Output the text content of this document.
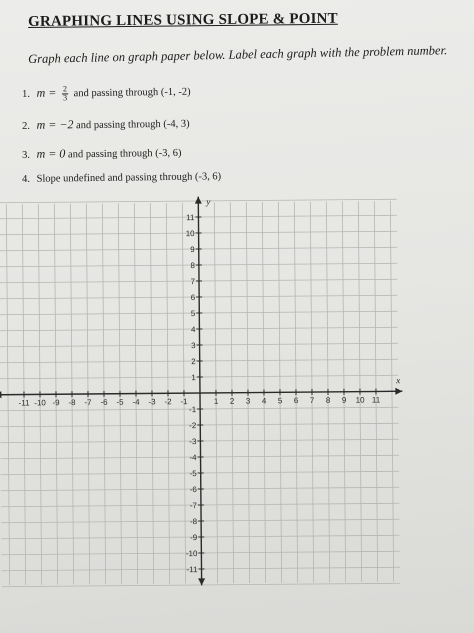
GRAPHING LINES USING SLOPE & POINT

Graph each line on graph paper below. Label each graph with the problem number.

1. $m = \frac{2}{3}$ and passing through (-1, -2)
2. m = −2 and passing through (-4, 3)
3. m = 0 and passing through (-3, 6)
4. Slope undefined and passing through (-3, 6)
-11 -10 -9 -8 -7 -6 -5 -4 -3 -2 -1	1 2 3 4 5 6 7 8 9 10 11
11
10
9
8
7
6
5
4
3
2
1
-1
-2
-3
-4
-5
-6
-7
-8
-9
-10
-11
x
y
